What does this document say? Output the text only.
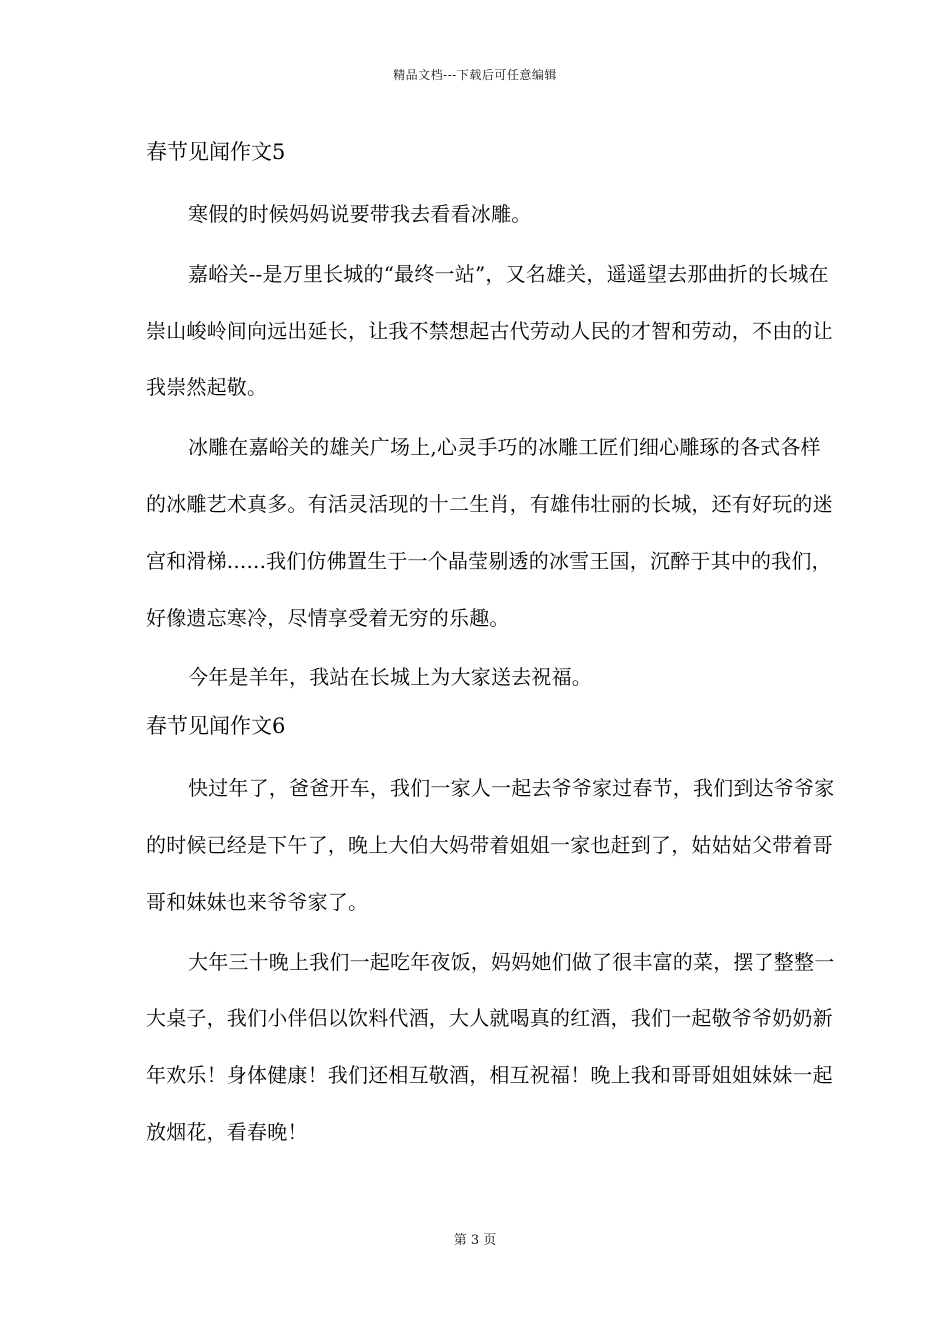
精品文档---下载后可任意编辑
春节见闻作文5

寒假的时候妈妈说要带我去看看冰雕。

嘉峪关--是万里长城的“最终一站”，又名雄关，遥遥望去那曲折的长城在崇山峻岭间向远出延长，让我不禁想起古代劳动人民的才智和劳动，不由的让我崇然起敬。

冰雕在嘉峪关的雄关广场上,心灵手巧的冰雕工匠们细心雕琢的各式各样的冰雕艺术真多。有活灵活现的十二生肖，有雄伟壮丽的长城，还有好玩的迷宫和滑梯......我们仿佛置生于一个晶莹剔透的冰雪王国，沉醉于其中的我们，好像遗忘寒冷，尽情享受着无穷的乐趣。

今年是羊年，我站在长城上为大家送去祝福。

春节见闻作文6

快过年了，爸爸开车，我们一家人一起去爷爷家过春节，我们到达爷爷家的时候已经是下午了，晚上大伯大妈带着姐姐一家也赶到了，姑姑姑父带着哥哥和妹妹也来爷爷家了。

大年三十晚上我们一起吃年夜饭，妈妈她们做了很丰富的菜，摆了整整一大桌子，我们小伴侣以饮料代酒，大人就喝真的红酒，我们一起敬爷爷奶奶新年欢乐！身体健康！我们还相互敬酒，相互祝福！晚上我和哥哥姐姐妹妹一起放烟花，看春晚！

第 3 页
